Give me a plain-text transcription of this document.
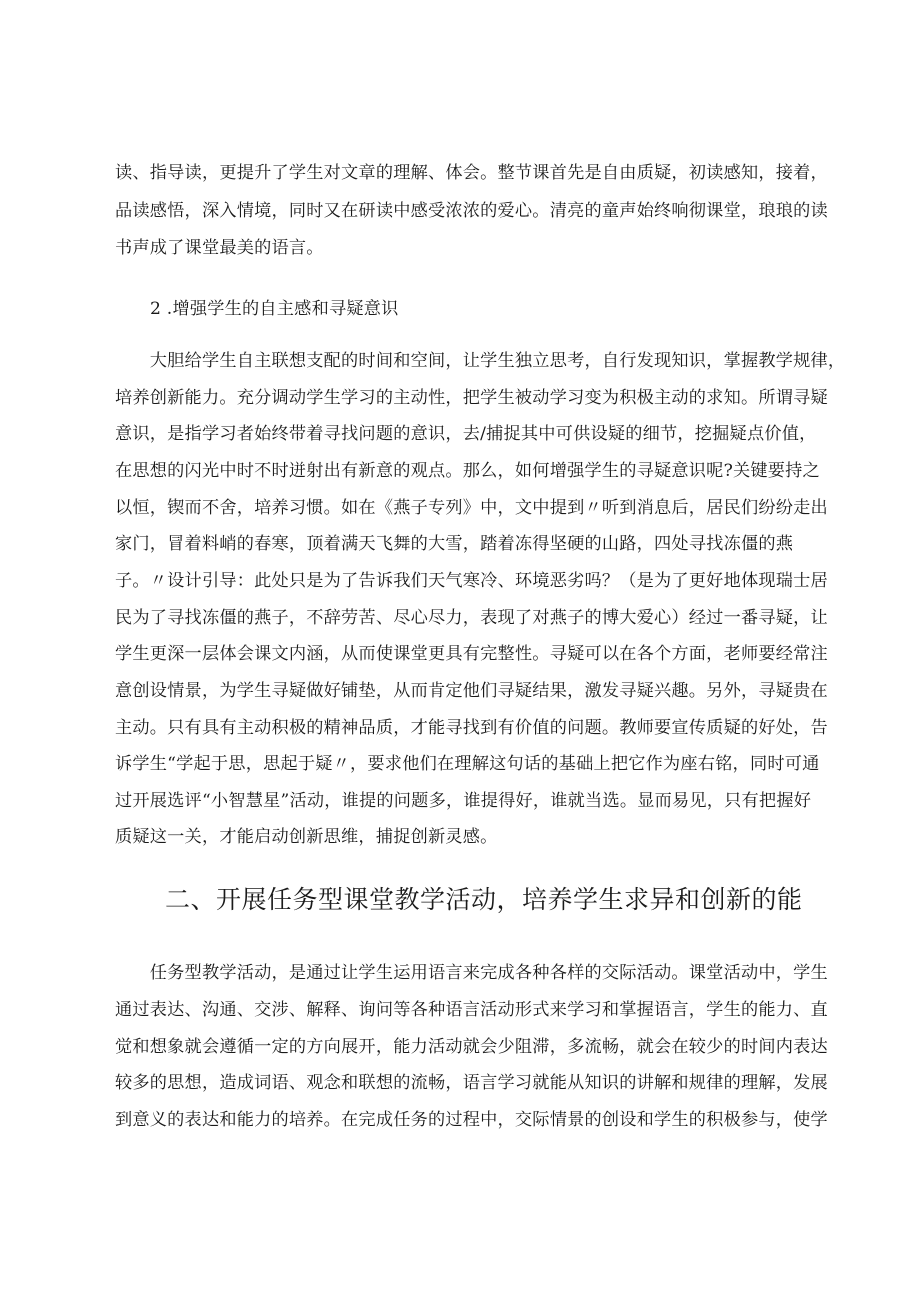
读、指导读，更提升了学生对文章的理解、体会。整节课首先是自由质疑，初读感知，接着，
品读感悟，深入情境，同时又在研读中感受浓浓的爱心。清亮的童声始终响彻课堂，琅琅的读
书声成了课堂最美的语言。
2 .增强学生的自主感和寻疑意识
　　大胆给学生自主联想支配的时间和空间，让学生独立思考，自行发现知识，掌握教学规律，
培养创新能力。充分调动学生学习的主动性，把学生被动学习变为积极主动的求知。所谓寻疑
意识，是指学习者始终带着寻找问题的意识，去/捕捉其中可供设疑的细节，挖掘疑点价值，
在思想的闪光中时不时迸射出有新意的观点。那么，如何增强学生的寻疑意识呢?关键要持之
以恒，锲而不舍，培养习惯。如在《燕子专列》中，文中提到〃听到消息后，居民们纷纷走出
家门，冒着料峭的春寒，顶着满天飞舞的大雪，踏着冻得坚硬的山路，四处寻找冻僵的燕
子。〃设计引导：此处只是为了告诉我们天气寒冷、环境恶劣吗？（是为了更好地体现瑞士居
民为了寻找冻僵的燕子，不辞劳苦、尽心尽力，表现了对燕子的博大爱心）经过一番寻疑，让
学生更深一层体会课文内涵，从而使课堂更具有完整性。寻疑可以在各个方面，老师要经常注
意创设情景，为学生寻疑做好铺垫，从而肯定他们寻疑结果，激发寻疑兴趣。另外，寻疑贵在
主动。只有具有主动积极的精神品质，才能寻找到有价值的问题。教师要宣传质疑的好处，告
诉学生“学起于思，思起于疑〃，要求他们在理解这句话的基础上把它作为座右铭，同时可通
过开展选评“小智慧星”活动，谁提的问题多，谁提得好，谁就当选。显而易见，只有把握好
质疑这一关，才能启动创新思维，捕捉创新灵感。
二、开展任务型课堂教学活动，培养学生求异和创新的能
　　任务型教学活动，是通过让学生运用语言来完成各种各样的交际活动。课堂活动中，学生
通过表达、沟通、交涉、解释、询问等各种语言活动形式来学习和掌握语言，学生的能力、直
觉和想象就会遵循一定的方向展开，能力活动就会少阻滞，多流畅，就会在较少的时间内表达
较多的思想，造成词语、观念和联想的流畅，语言学习就能从知识的讲解和规律的理解，发展
到意义的表达和能力的培养。在完成任务的过程中，交际情景的创设和学生的积极参与，使学
